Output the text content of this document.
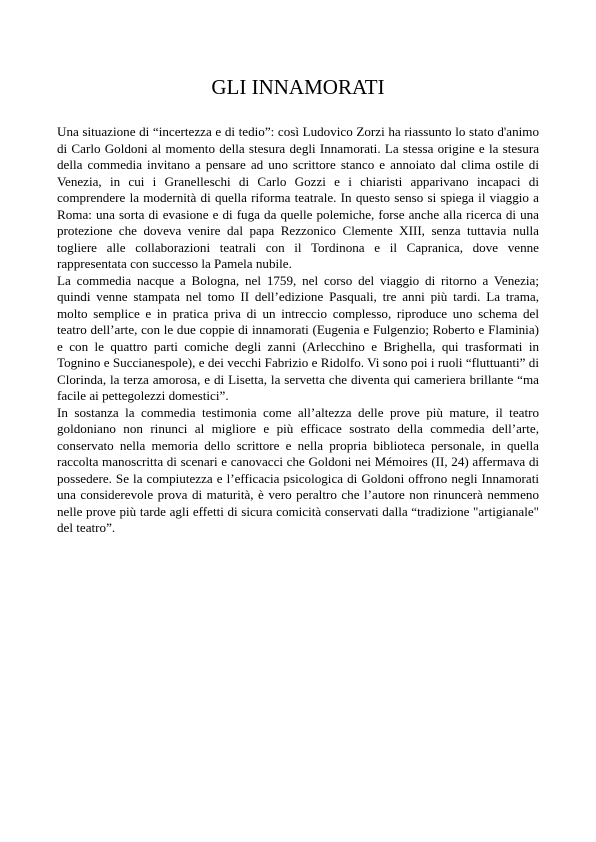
GLI INNAMORATI

Una situazione di “incertezza e di tedio”: così Ludovico Zorzi ha riassunto lo stato d'animo di Carlo Goldoni al momento della stesura degli Innamorati. La stessa origine e la stesura della commedia invitano a pensare ad uno scrittore stanco e annoiato dal clima ostile di Venezia, in cui i Granelleschi di Carlo Gozzi e i chiaristi apparivano incapaci di comprendere la modernità di quella riforma teatrale. In questo senso si spiega il viaggio a Roma: una sorta di evasione e di fuga da quelle polemiche, forse anche alla ricerca di una protezione che doveva venire dal papa Rezzonico Clemente XIII, senza tuttavia nulla togliere alle collaborazioni teatrali con il Tordinona e il Capranica, dove venne rappresentata con successo la Pamela nubile.

La commedia nacque a Bologna, nel 1759, nel corso del viaggio di ritorno a Venezia; quindi venne stampata nel tomo II dell’edizione Pasquali, tre anni più tardi. La trama, molto semplice e in pratica priva di un intreccio complesso, riproduce uno schema del teatro dell’arte, con le due coppie di innamorati (Eugenia e Fulgenzio; Roberto e Flaminia) e con le quattro parti comiche degli zanni (Arlecchino e Brighella, qui trasformati in Tognino e Succianespole), e dei vecchi Fabrizio e Ridolfo. Vi sono poi i ruoli “fluttuanti” di Clorinda, la terza amorosa, e di Lisetta, la servetta che diventa qui cameriera brillante “ma facile ai pettegolezzi domestici”.

In sostanza la commedia testimonia come all’altezza delle prove più mature, il teatro goldoniano non rinunci al migliore e più efficace sostrato della commedia dell’arte, conservato nella memoria dello scrittore e nella propria biblioteca personale, in quella raccolta manoscritta di scenari e canovacci che Goldoni nei Mémoires (II, 24) affermava di possedere. Se la compiutezza e l’efficacia psicologica di Goldoni offrono negli Innamorati una considerevole prova di maturità, è vero peraltro che l’autore non rinuncerà nemmeno nelle prove più tarde agli effetti di sicura comicità conservati dalla “tradizione "artigianale" del teatro”.
